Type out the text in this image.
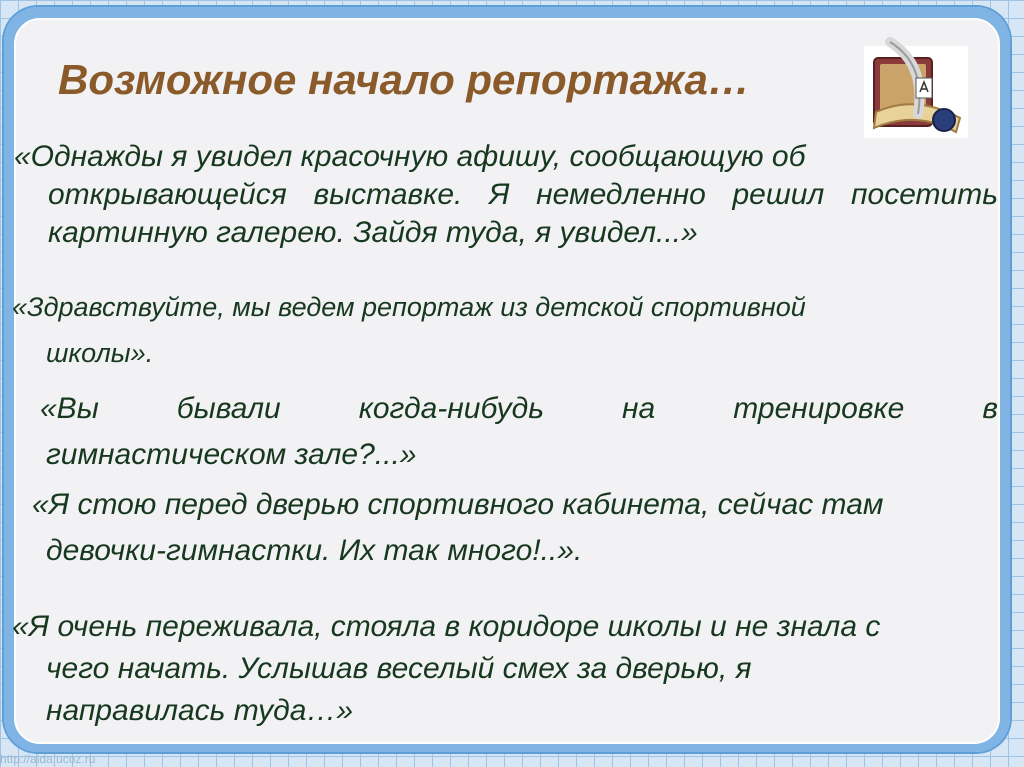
Возможное начало репортажа…
«Однажды я увидел красочную афишу, сообщающую об
открывающейся выставке. Я немедленно решил посетить картинную галерею. Зайдя туда, я увидел...»
«Здравствуйте, мы ведем репортаж из детской спортивной
школы».
«Вы бывали когда-нибудь на тренировке в
гимнастическом зале?...»
«Я стою перед дверью спортивного кабинета, сейчас там
девочки-гимнастки. Их так много!..».
«Я очень переживала, стояла в коридоре школы и не знала с
чего начать. Услышав веселый смех за дверью, я
направилась туда…»
http://aida.ucoz.ru
